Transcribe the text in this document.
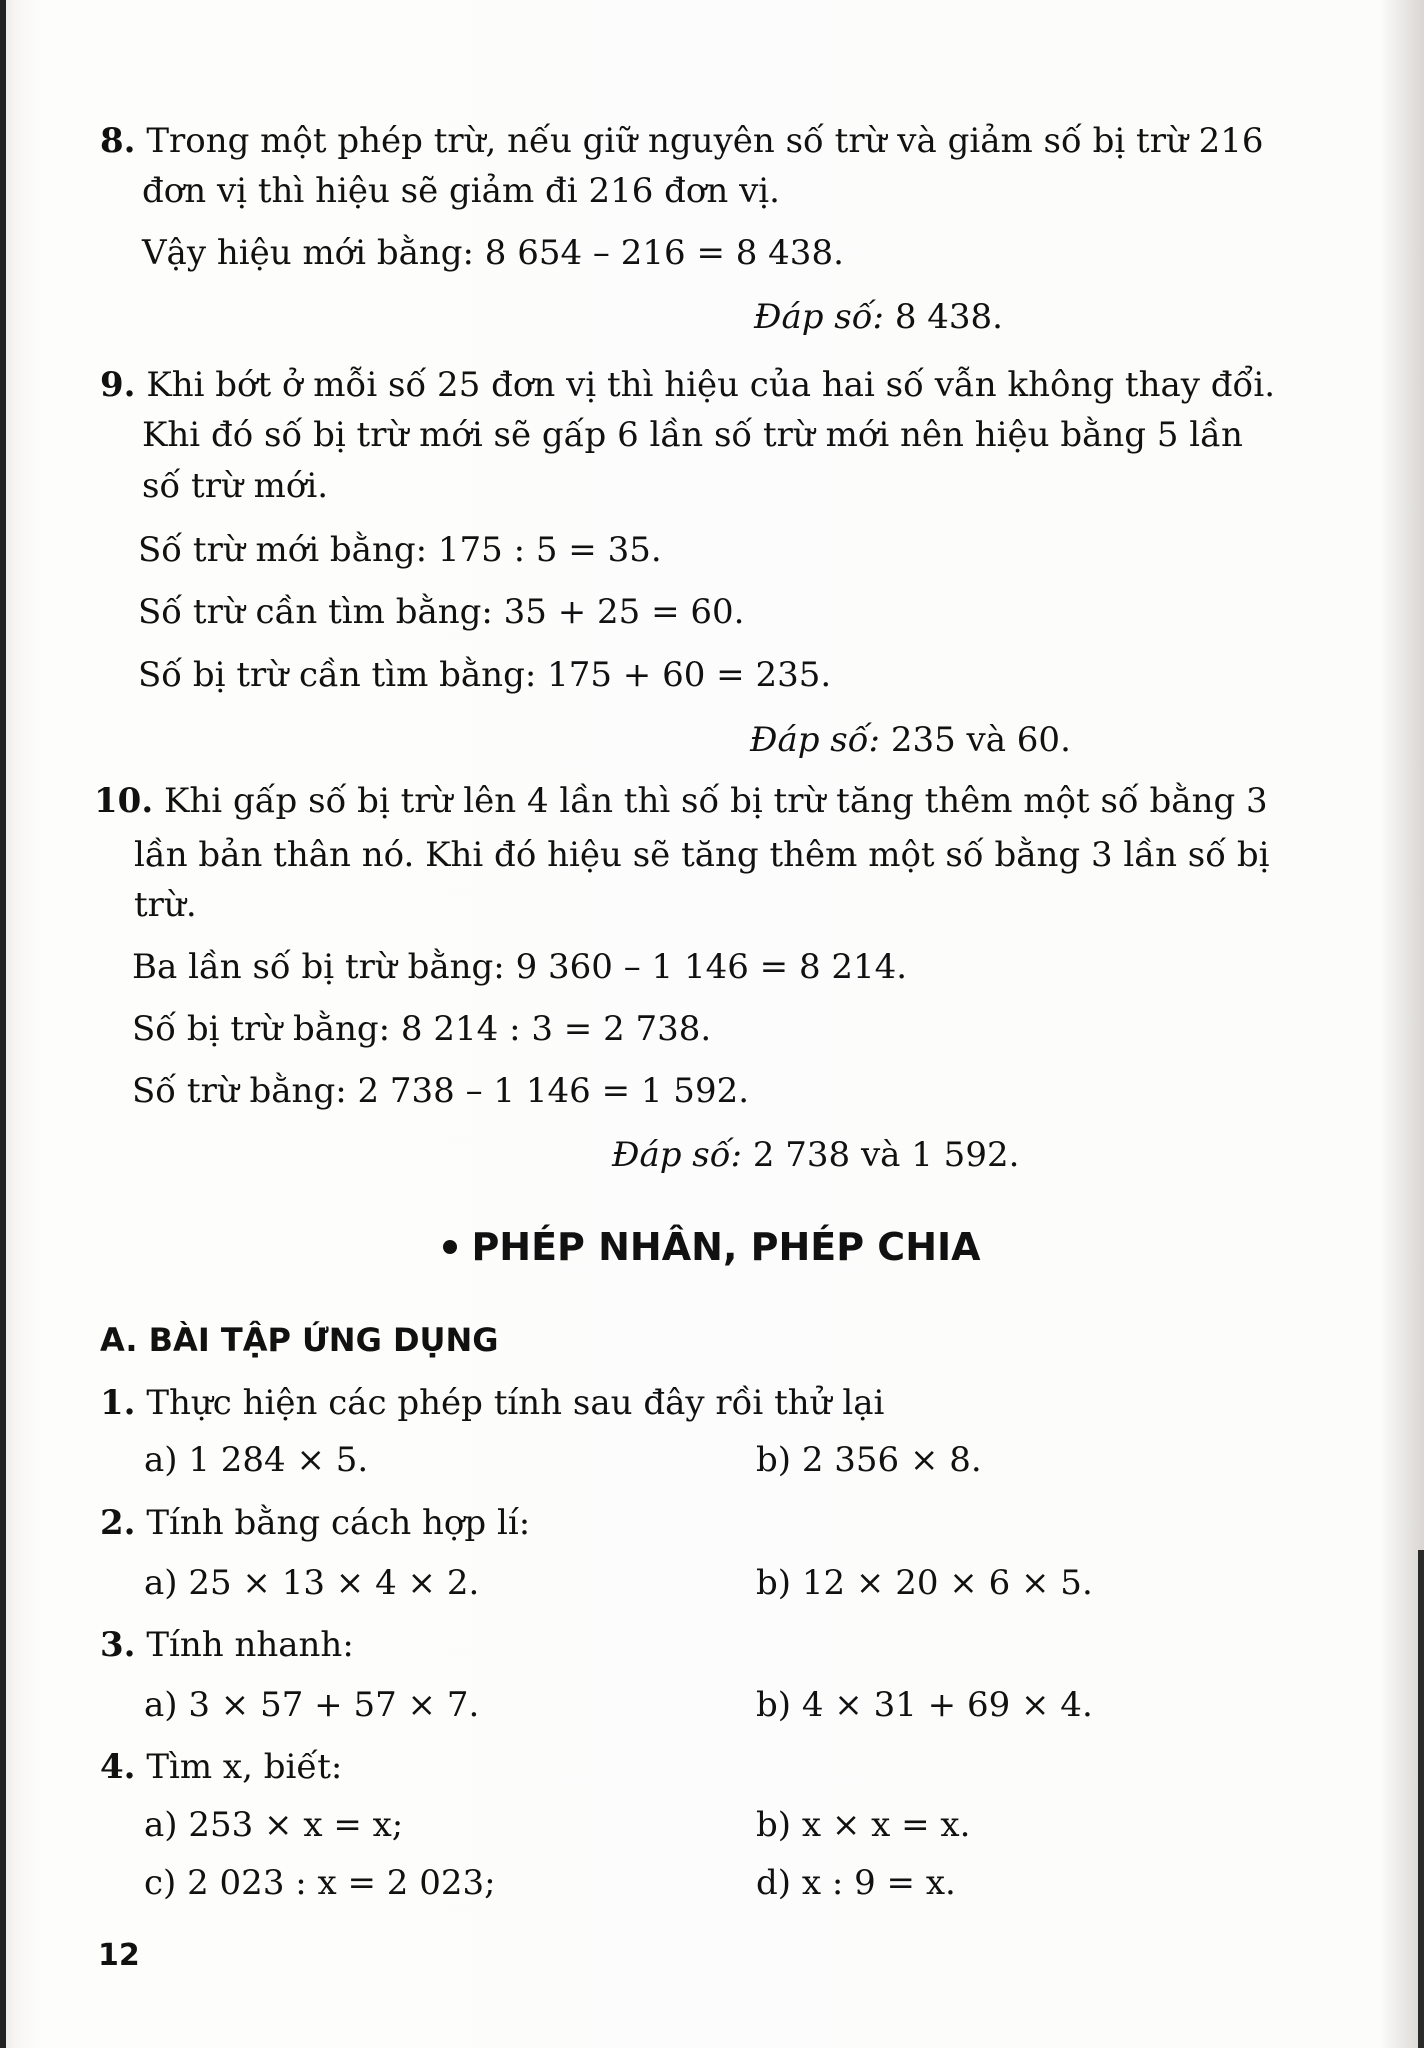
8. Trong một phép trừ, nếu giữ nguyên số trừ và giảm số bị trừ 216
đơn vị thì hiệu sẽ giảm đi 216 đơn vị.
Vậy hiệu mới bằng: 8 654 – 216 = 8 438.
Đáp số: 8 438.
9. Khi bớt ở mỗi số 25 đơn vị thì hiệu của hai số vẫn không thay đổi.
Khi đó số bị trừ mới sẽ gấp 6 lần số trừ mới nên hiệu bằng 5 lần
số trừ mới.
Số trừ mới bằng: 175 : 5 = 35.
Số trừ cần tìm bằng: 35 + 25 = 60.
Số bị trừ cần tìm bằng: 175 + 60 = 235.
Đáp số: 235 và 60.
10. Khi gấp số bị trừ lên 4 lần thì số bị trừ tăng thêm một số bằng 3
lần bản thân nó. Khi đó hiệu sẽ tăng thêm một số bằng 3 lần số bị
trừ.
Ba lần số bị trừ bằng: 9 360 – 1 146 = 8 214.
Số bị trừ bằng: 8 214 : 3 = 2 738.
Số trừ bằng: 2 738 – 1 146 = 1 592.
Đáp số: 2 738 và 1 592.
PHÉP NHÂN, PHÉP CHIA
A. BÀI TẬP ỨNG DỤNG
1. Thực hiện các phép tính sau đây rồi thử lại
a) 1 284 × 5.	b) 2 356 × 8.
2. Tính bằng cách hợp lí:
a) 25 × 13 × 4 × 2.	b) 12 × 20 × 6 × 5.
3. Tính nhanh:
a) 3 × 57 + 57 × 7.	b) 4 × 31 + 69 × 4.
4. Tìm x, biết:
a) 253 × x = x;	b) x × x = x.
c) 2 023 : x = 2 023;	d) x : 9 = x.
12
